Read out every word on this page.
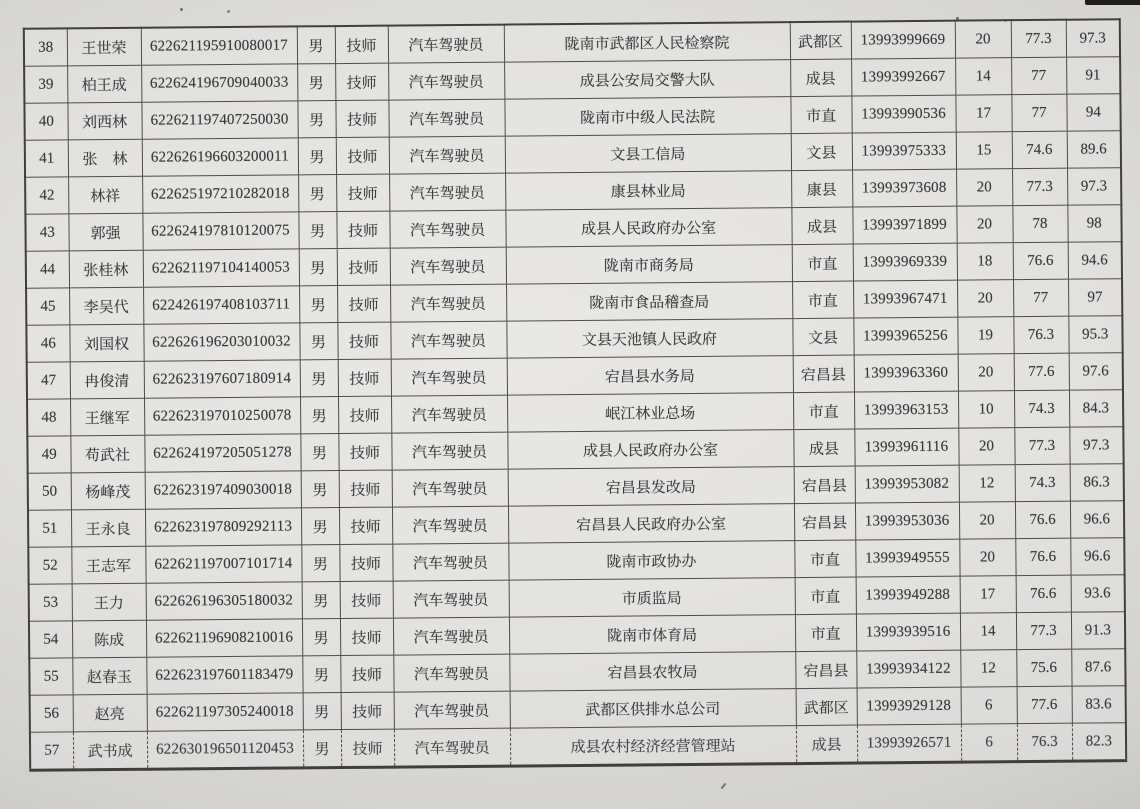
38	王世荣	622621195910080017	男	技师	汽车驾驶员	陇南市武都区人民检察院	武都区	13993999669	20	77.3	97.3
39	柏王成	622624196709040033	男	技师	汽车驾驶员	成县公安局交警大队	成县	13993992667	14	77	91
40	刘西林	622621197407250030	男	技师	汽车驾驶员	陇南市中级人民法院	市直	13993990536	17	77	94
41	张　林	622626196603200011	男	技师	汽车驾驶员	文县工信局	文县	13993975333	15	74.6	89.6
42	林祥	622625197210282018	男	技师	汽车驾驶员	康县林业局	康县	13993973608	20	77.3	97.3
43	郭强	622624197810120075	男	技师	汽车驾驶员	成县人民政府办公室	成县	13993971899	20	78	98
44	张桂林	622621197104140053	男	技师	汽车驾驶员	陇南市商务局	市直	13993969339	18	76.6	94.6
45	李吴代	622426197408103711	男	技师	汽车驾驶员	陇南市食品稽查局	市直	13993967471	20	77	97
46	刘国权	622626196203010032	男	技师	汽车驾驶员	文县天池镇人民政府	文县	13993965256	19	76.3	95.3
47	冉俊清	622623197607180914	男	技师	汽车驾驶员	宕昌县水务局	宕昌县	13993963360	20	77.6	97.6
48	王继军	622623197010250078	男	技师	汽车驾驶员	岷江林业总场	市直	13993963153	10	74.3	84.3
49	苟武社	622624197205051278	男	技师	汽车驾驶员	成县人民政府办公室	成县	13993961116	20	77.3	97.3
50	杨峰茂	622623197409030018	男	技师	汽车驾驶员	宕昌县发改局	宕昌县	13993953082	12	74.3	86.3
51	王永良	622623197809292113	男	技师	汽车驾驶员	宕昌县人民政府办公室	宕昌县	13993953036	20	76.6	96.6
52	王志军	622621197007101714	男	技师	汽车驾驶员	陇南市政协办	市直	13993949555	20	76.6	96.6
53	王力	622626196305180032	男	技师	汽车驾驶员	市质监局	市直	13993949288	17	76.6	93.6
54	陈成	622621196908210016	男	技师	汽车驾驶员	陇南市体育局	市直	13993939516	14	77.3	91.3
55	赵春玉	622623197601183479	男	技师	汽车驾驶员	宕昌县农牧局	宕昌县	13993934122	12	75.6	87.6
56	赵亮	622621197305240018	男	技师	汽车驾驶员	武都区供排水总公司	武都区	13993929128	6	77.6	83.6
57	武书成	622630196501120453	男	技师	汽车驾驶员	成县农村经济经营管理站	成县	13993926571	6	76.3	82.3
